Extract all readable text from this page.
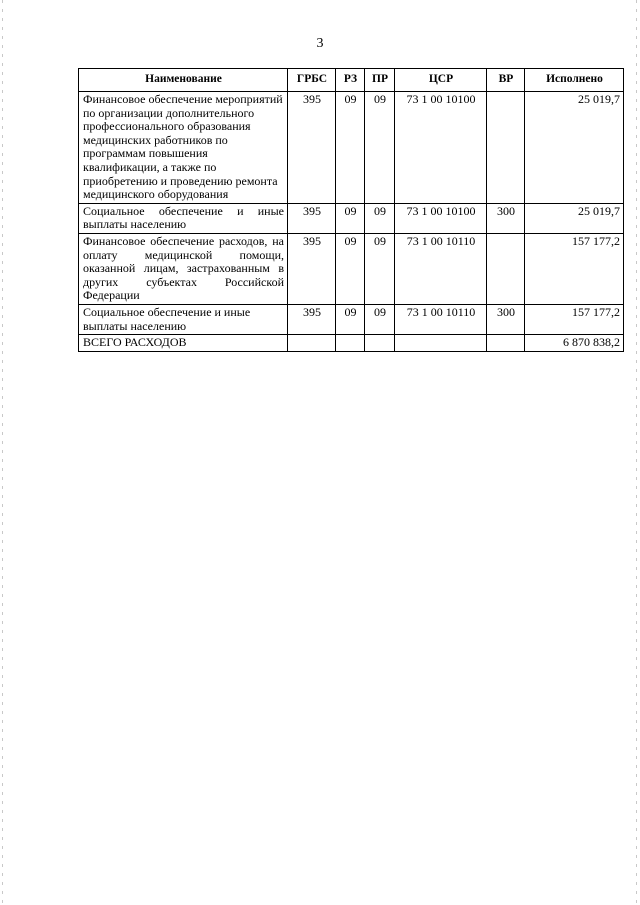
3
Наименование	ГРБС	РЗ	ПР	ЦСР	ВР	Исполнено
Финансовое обеспечение мероприятий по организации дополнительного профессионального образования медицинских работников по программам повышения квалификации, а также по приобретению и проведению ремонта медицинского оборудования	395	09	09	73 1 00 10100		25 019,7
Социальное обеспечение и иные выплаты населению	395	09	09	73 1 00 10100	300	25 019,7
Финансовое обеспечение расходов, на оплату медицинской помощи, оказанной лицам, застрахованным в других субъектах Российской Федерации	395	09	09	73 1 00 10110		157 177,2
Социальное обеспечение и иные выплаты населению	395	09	09	73 1 00 10110	300	157 177,2
ВСЕГО РАСХОДОВ						6 870 838,2
